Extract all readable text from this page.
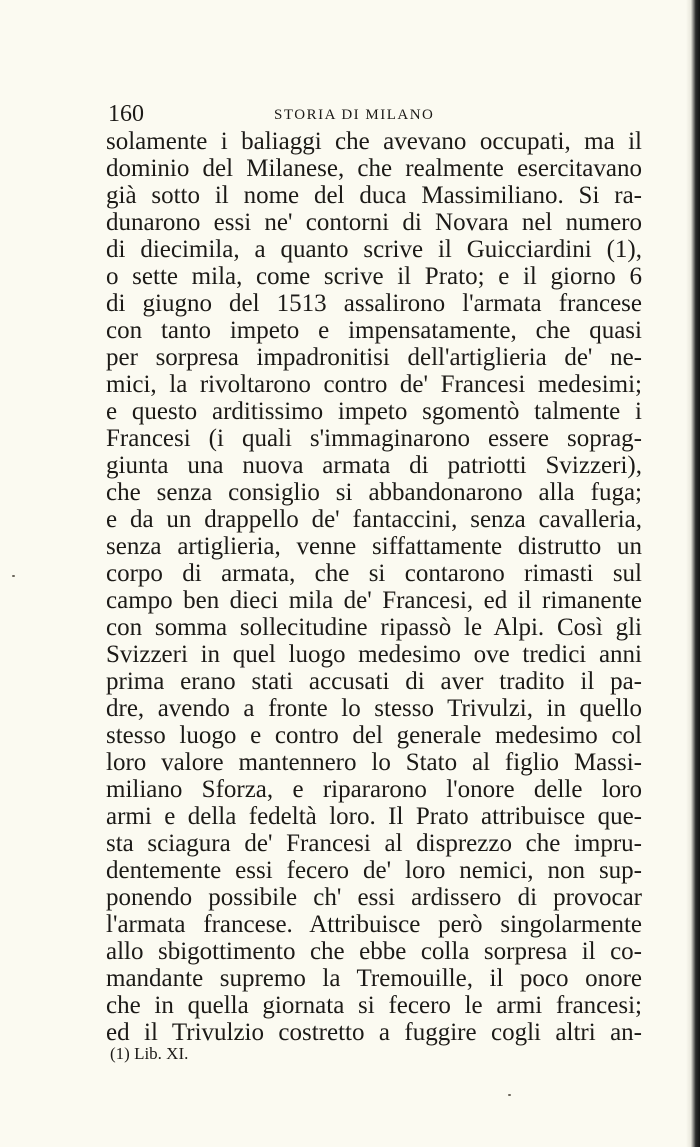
160	STORIA DI MILANO
solamente i baliaggi che avevano occupati, ma il
dominio del Milanese, che realmente esercitavano
già sotto il nome del duca Massimiliano. Si ra-
dunarono essi ne' contorni di Novara nel numero
di diecimila, a quanto scrive il Guicciardini (1),
o sette mila, come scrive il Prato; e il giorno 6
di giugno del 1513 assalirono l'armata francese
con tanto impeto e impensatamente, che quasi
per sorpresa impadronitisi dell'artiglieria de' ne-
mici, la rivoltarono contro de' Francesi medesimi;
e questo arditissimo impeto sgomentò talmente i
Francesi (i quali s'immaginarono essere soprag-
giunta una nuova armata di patriotti Svizzeri),
che senza consiglio si abbandonarono alla fuga;
e da un drappello de' fantaccini, senza cavalleria,
senza artiglieria, venne siffattamente distrutto un
corpo di armata, che si contarono rimasti sul
campo ben dieci mila de' Francesi, ed il rimanente
con somma sollecitudine ripassò le Alpi. Così gli
Svizzeri in quel luogo medesimo ove tredici anni
prima erano stati accusati di aver tradito il pa-
dre, avendo a fronte lo stesso Trivulzi, in quello
stesso luogo e contro del generale medesimo col
loro valore mantennero lo Stato al figlio Massi-
miliano Sforza, e ripararono l'onore delle loro
armi e della fedeltà loro. Il Prato attribuisce que-
sta sciagura de' Francesi al disprezzo che impru-
dentemente essi fecero de' loro nemici, non sup-
ponendo possibile ch' essi ardissero di provocar
l'armata francese. Attribuisce però singolarmente
allo sbigottimento che ebbe colla sorpresa il co-
mandante supremo la Tremouille, il poco onore
che in quella giornata si fecero le armi francesi;
ed il Trivulzio costretto a fuggire cogli altri an-
(1) Lib. XI.
